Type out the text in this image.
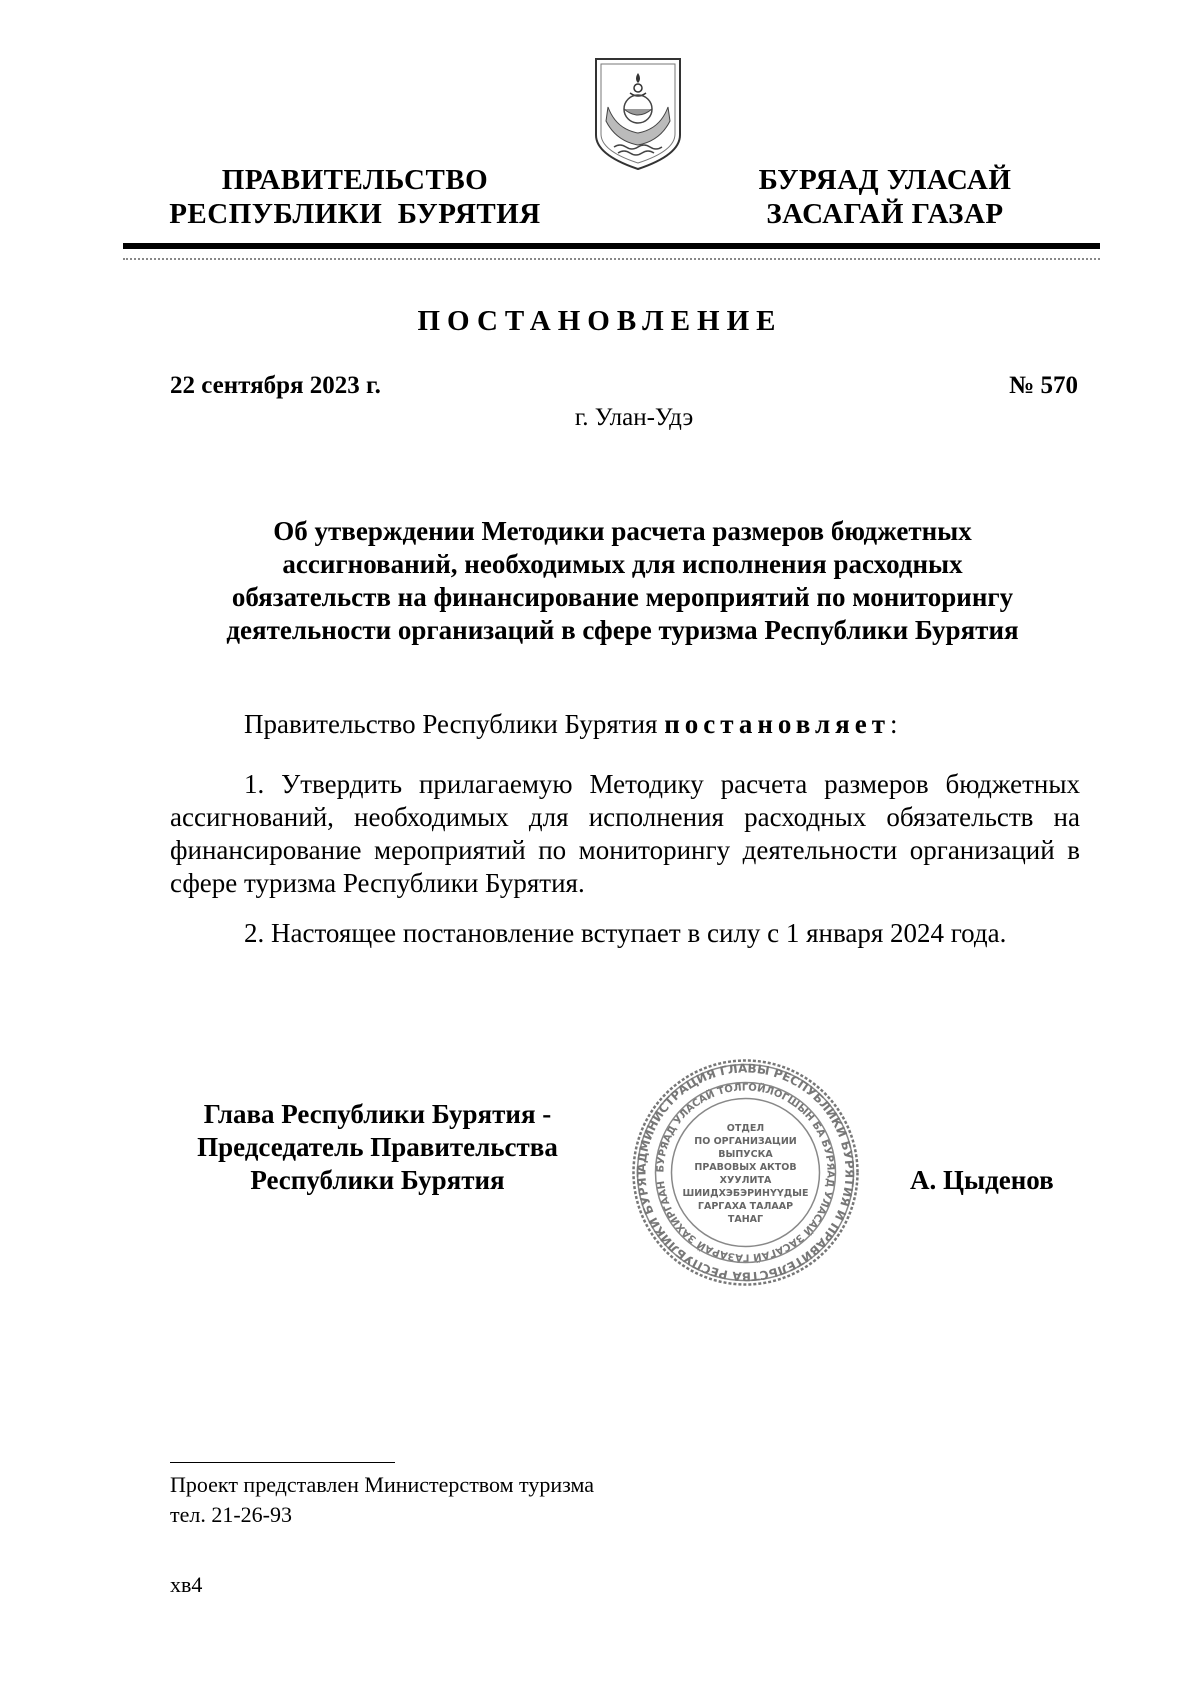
ПРАВИТЕЛЬСТВО
РЕСПУБЛИКИ  БУРЯТИЯ
БУРЯАД УЛАСАЙ
ЗАСАГАЙ ГАЗАР
ПОСТАНОВЛЕНИЕ
22 сентября 2023 г.	№ 570
г. Улан-Удэ
Об утверждении Методики расчета размеров бюджетных
ассигнований, необходимых для исполнения расходных
обязательств на финансирование мероприятий по мониторингу
деятельности организаций в сфере туризма Республики Бурятия
Правительство Республики Бурятия постановляет:
1. Утвердить прилагаемую Методику расчета размеров бюджетных ассигнований, необходимых для исполнения расходных обязательств на финансирование мероприятий по мониторингу деятельности организаций в сфере туризма Республики Бурятия.
2. Настоящее постановление вступает в силу с 1 января 2024 года.
Глава Республики Бурятия -
Председатель Правительства
Республики Бурятия	АДМИНИСТРАЦИЯ ГЛАВЫ РЕСПУБЛИКИ БУРЯТИЯ И ПРАВИТЕЛЬСТВА РЕСПУБЛИКИ БУРЯТ
БУРЯАД УЛАСАЙ ТОЛГОЙЛОГШЫН БА БУРЯАД УЛАСАЙ ЗАСАГАЙ ГАЗАРАЙ ЗАХИРГААН
ОТДЕЛ
ПО ОРГАНИЗАЦИИ
ВЫПУСКА
ПРАВОВЫХ АКТОВ
ХУУЛИТА
ШИИДХЭБЭРИНҮҮДЫЕ
ГАРГАХА ТАЛААР
ТАНАГ
А. Цыденов
Проект представлен Министерством туризма
тел. 21-26-93
хв4
